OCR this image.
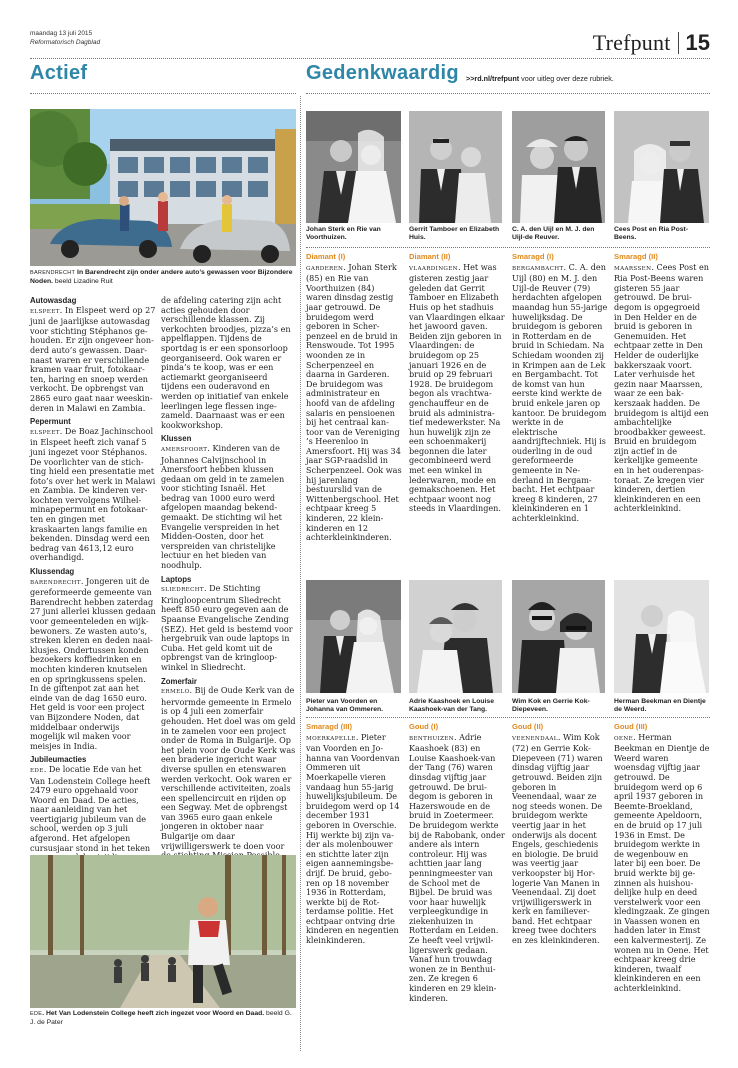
maandag 13 juli 2015
Reformatorisch Dagblad	Trefpunt 15
Actief	Gedenkwaardig >>rd.nl/trefpunt voor uitleg over deze rubriek.
BARENDRECHT In Barendrecht zijn onder andere auto’s gewassen voor Bijzondere Noden. beeld Lizadine Ruit

Autowasdag

ELSPEET. In Elspeet werd op 27 juni de jaarlijkse autowasdag voor stichting Stéphanos gehouden. Er zijn ongeveer honderd auto’s gewassen. Daarnaast waren er verschillende kramen vaar fruit, fotokaarten, haring en snoep werden verkocht. De opbrengst van 2865 euro gaat naar weeskinderen in Malawi en Zambia.

Pepermunt

ELSPEET. De Boaz Jachinschool in Elspeet heeft zich vanaf 5 juni ingezet voor Stéphanos. De voorlichter van de stichting hield een presentatie met foto’s over het werk in Malawi en Zambia. De kinderen verkochten vervolgens Wilhelminapepermunt en fotokaarten en gingen met kraskaarten langs familie en bekenden. Dinsdag werd een bedrag van 4613,12 euro overhandigd.

Klussendag

BARENDRECHT. Jongeren uit de gereformeerde gemeente van Barendrecht hebben zaterdag 27 juni allerlei klussen gedaan voor gemeenteleden en wijkbewoners. Ze wasten auto’s, streken kleren en deden naaiklusjes. Ondertussen konden bezoekers koffiedrinken en mochten kinderen knutselen en op springkussens spelen. In de giftenpot zat aan het einde van de dag 1650 euro. Het geld is voor een project van Bijzondere Noden, dat middelbaar onderwijs mogelijk wil maken voor meisjes in India.

Jubileumacties

EDE. De locatie Ede van het Van Lodenstein College heeft 2479 euro opgehaald voor Woord en Daad. De acties, naar aanleiding van het veertigjarig jubileum van de school, werden op 3 juli afgerond. Het afgelopen cursusjaar stond in het teken

de afdeling catering zijn acht acties gehouden door verschillende klassen. Zij verkochten broodjes, pizza’s en appelflappen. Tijdens de sportdag is er een sponsorloop georganiseerd. Ook waren er pinda’s te koop, was er een actiemarkt georganiseerd tijdens een ouderavond en werden op initiatief van enkele leerlingen lege flessen ingezameld. Daarnaast was er een kookworkshop.

Klussen

AMERSFOORT. Kinderen van de Johannes Calvijnschool in Amersfoort hebben klussen gedaan om geld in te zamelen voor stichting Isnaël. Het bedrag van 1000 euro werd afgelopen maandag bekendgemaakt. De stichting wil het Evangelie verspreiden in het Midden-Oosten, door het verspreiden van christelijke lectuur en het bieden van noodhulp.

Laptops

SLIEDRECHT. De Stichting Kringloopcentrum Sliedrecht heeft 850 euro gegeven aan de Spaanse Evangelische Zending (SEZ). Het geld is bestemd voor hergebruik van oude laptops in Cuba. Het geld komt uit de opbrengst van de kringloopwinkel in Sliedrecht.

Zomerfair

ERMELO. Bij de Oude Kerk van de hervormde gemeente in Ermelo is op 4 juli een zomerfair gehouden. Het doel was om geld in te zamelen voor een project onder de Roma in Bulgarije. Op het plein voor de Oude Kerk was een braderie ingericht waar diverse spullen en etenswaren werden verkocht. Ook waren er verschillende activiteiten, zoals een spellencircuit en rijden op een Segway. Met de opbrengst van 3965 euro gaan enkele jongeren in oktober naar Bulgarije om daar vrijwilligerswerk te doen voor

EDE. Het Van Lodenstein College heeft zich ingezet voor Woord en Daad. beeld G. J. de Pater
Johan Sterk en Rie van Voorthuizen.
Gerrit Tamboer en Elizabeth Huis.
C. A. den Uijl en M. J. den Uijl-de Reuver.
Cees Post en Ria Post-Beens.
Diamant (I)
GARDEREN. Johan Sterk (85) en Rie van Voorthuizen (84) waren dinsdag zestig jaar getrouwd. De bruidegom werd geboren in Scherpenzeel en de bruid in Renswoude. Tot 1995 woonden ze in Scherpenzeel en daarna in Garderen. De bruidegom was administrateur en hoofd van de afdeling salaris en pensioenen bij het centraal kantoor van de Vereniging ’s Heerenloo in Amersfoort. Hij was 34 jaar SGP-raadslid in Scherpenzeel. Ook was hij jarenlang bestuurslid van de Wittenbergschool. Het echtpaar kreeg 5 kinderen, 22 kleinkinderen en 12 achterkleinkinderen.
Diamant (II)
VLAARDINGEN. Het was gisteren zestig jaar geleden dat Gerrit Tamboer en Elizabeth Huis op het stadhuis van Vlaardingen elkaar het jawoord gaven. Beiden zijn geboren in Vlaardingen: de bruidegom op 25 januari 1926 en de bruid op 29 februari 1928. De bruidegom begon als vrachtwagenchauffeur en de bruid als administratief medewerkster. Na hun huwelijk zijn ze een schoenmakerij begonnen die later gecombineerd werd met een winkel in lederwaren, mode en gemakschoenen. Het echtpaar woont nog steeds in Vlaardingen.
Smaragd (I)
BERGAMBACHT. C. A. den Uijl (80) en M. J. den Uijl-de Reuver (79) herdachten afgelopen maandag hun 55-jarige huwelijksdag. De bruidegom is geboren in Rotterdam en de bruid in Schiedam. Na Schiedam woonden zij in Krimpen aan de Lek en Bergambacht. Tot de komst van hun eerste kind werkte de bruid enkele jaren op kantoor. De bruidegom werkte in de elektrische aandrijftechniek. Hij is ouderling in de oud gereformeerde gemeente in Nederland in Bergambacht. Het echtpaar kreeg 8 kinderen, 27 kleinkinderen en 1 achterkleinkind.
Smaragd (II)
MAARSSEN. Cees Post en Ria Post-Beens waren gisteren 55 jaar getrouwd. De bruidegom is opgegroeid in Den Helder en de bruid is geboren in Genemuiden. Het echtpaar zette in Den Helder de ouderlijke bakkerszaak voort. Later verhuisde het gezin naar Maarssen, waar ze een bakkerszaak hadden. De bruidegom is altijd een ambachtelijke broodbakker geweest. Bruid en bruidegom zijn actief in de kerkelijke gemeente en in het ouderenpastoraat. Ze kregen vier kinderen, dertien kleinkinderen en een achterkleinkind.
Pieter van Voorden en Johanna van Ommeren.
Adrie Kaashoek en Louise Kaashoek-van der Tang.
Wim Kok en Gerrie Kok-Diepeveen.
Herman Beekman en Dientje de Weerd.
Smaragd (III)
MOERKAPELLE. Pieter van Voorden en Johanna van Voordenvan Ommeren uit Moerkapelle vieren vandaag hun 55-jarig huwelijksjubileum. De bruidegom werd op 14 december 1931 geboren in Overschie. Hij werkte bij zijn vader als molenbouwer en stichtte later zijn eigen aannemingsbedrijf. De bruid, geboren op 18 november 1936 in Rotterdam, werkte bij de Rotterdamse politie. Het echtpaar ontving drie kinderen en negentien kleinkinderen.
Goud (I)
BENTHUIZEN. Adrie Kaashoek (83) en Louise Kaashoek-van der Tang (76) waren dinsdag vijftig jaar getrouwd. De bruidegom is geboren in Hazerswoude en de bruid in Zoetermeer. De bruidegom werkte bij de Rabobank, onder andere als intern controleur. Hij was achttien jaar lang penningmeester van de School met de Bijbel. De bruid was voor haar huwelijk verpleegkundige in ziekenhuizen in Rotterdam en Leiden. Ze heeft veel vrijwilligerswerk gedaan. Vanaf hun trouwdag wonen ze in Benthuizen. Ze kregen 6 kinderen en 29 kleinkinderen.
Goud (II)
VEENENDAAL. Wim Kok (72) en Gerrie Kok-Diepeveen (71) waren dinsdag vijftig jaar getrouwd. Beiden zijn geboren in Veenendaal, waar ze nog steeds wonen. De bruidegom werkte veertig jaar in het onderwijs als docent Engels, geschiedenis en biologie. De bruid was veertig jaar verkoopster bij Horlogerie Van Manen in Veenendaal. Zij doet vrijwilligerswerk in kerk en familieverband. Het echtpaar kreeg twee dochters en zes kleinkinderen.
Goud (III)
OENE. Herman Beekman en Dientje de Weerd waren woensdag vijftig jaar getrouwd. De bruidegom werd op 6 april 1937 geboren in Beemte-Broekland, gemeente Apeldoorn, en de bruid op 17 juli 1936 in Emst. De bruidegom werkte in de wegenbouw en later bij een boer. De bruid werkte bij gezinnen als huishoudelijke hulp en deed verstelwerk voor een kledingzaak. Ze gingen in Vaassen wonen en hadden later in Emst een kalvermesterij. Ze wonen nu in Oene. Het echtpaar kreeg drie kinderen, twaalf kleinkinderen en een achterkleinkind.
